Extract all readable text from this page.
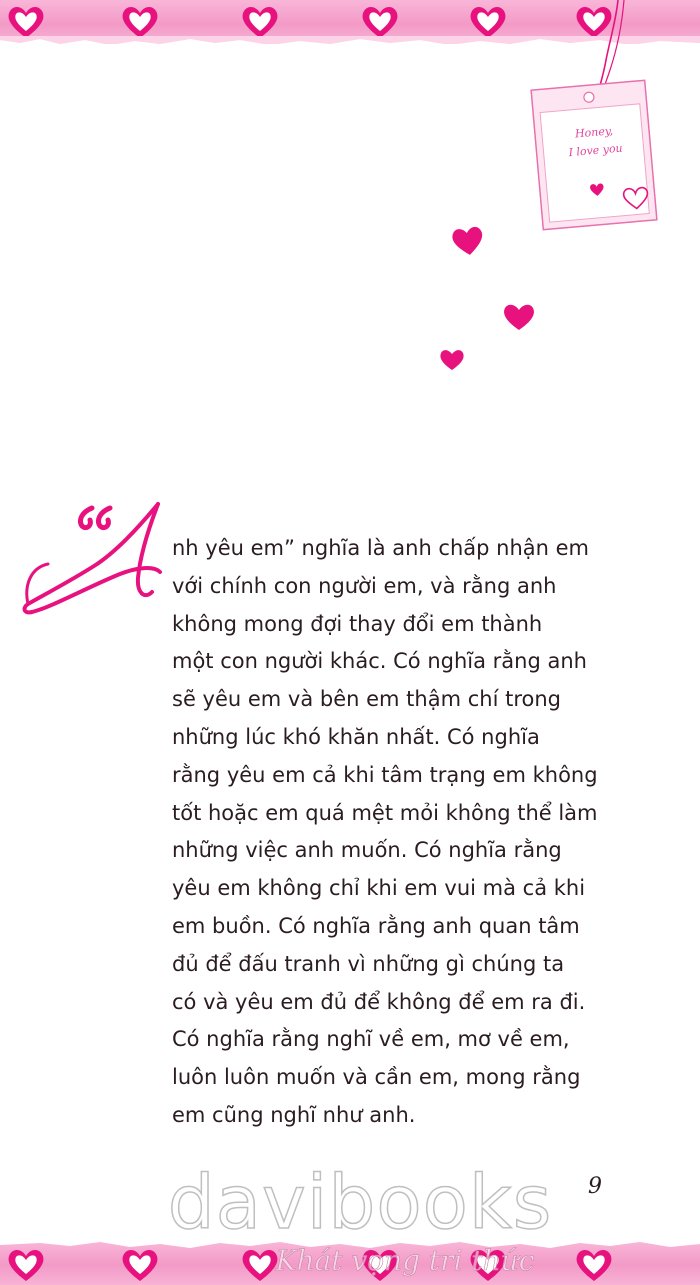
Honey,
I love you
nh yêu em” nghĩa là anh chấp nhận em
với chính con người em, và rằng anh
không mong đợi thay đổi em thành
một con người khác. Có nghĩa rằng anh
sẽ yêu em và bên em thậm chí trong
những lúc khó khăn nhất. Có nghĩa
rằng yêu em cả khi tâm trạng em không
tốt hoặc em quá mệt mỏi không thể làm
những việc anh muốn. Có nghĩa rằng
yêu em không chỉ khi em vui mà cả khi
em buồn. Có nghĩa rằng anh quan tâm
đủ để đấu tranh vì những gì chúng ta
có và yêu em đủ để không để em ra đi.
Có nghĩa rằng nghĩ về em, mơ về em,
luôn luôn muốn và cần em, mong rằng
em cũng nghĩ như anh.
9
davibooks
Khát vọng tri thức
